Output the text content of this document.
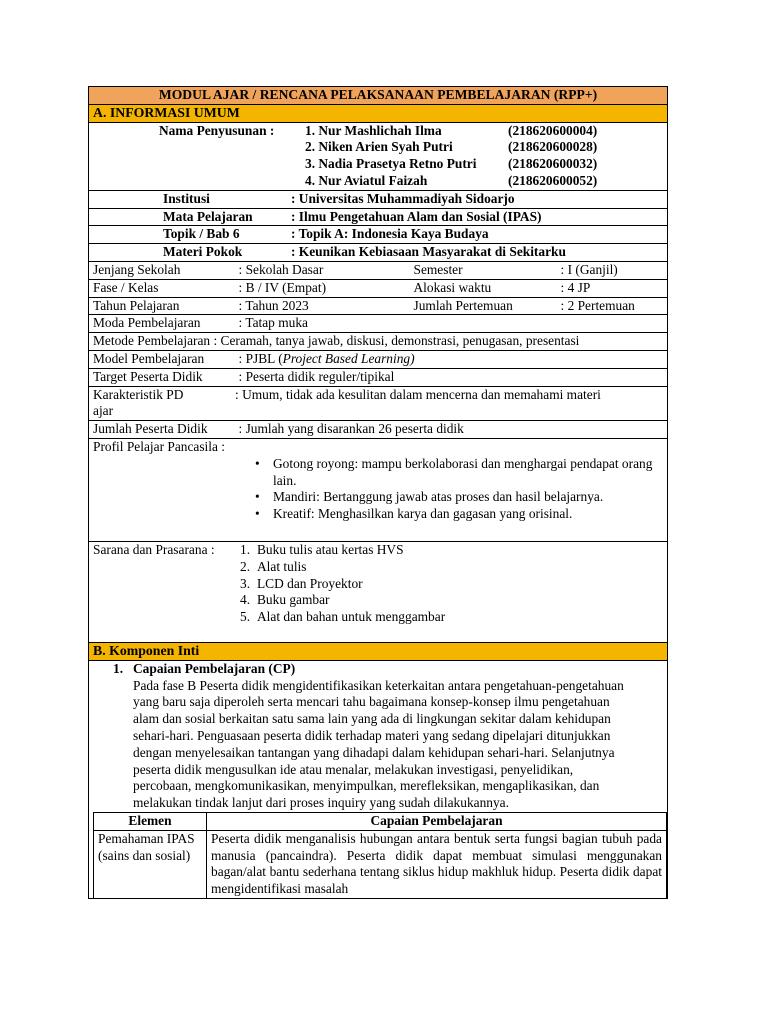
MODUL AJAR / RENCANA PELAKSANAAN PEMBELAJARAN (RPP+)
A. INFORMASI UMUM

Nama Penyusunan :	1. Nur Mashlichah Ilma	(218620600004)
2. Niken Arien Syah Putri	(218620600028)
3. Nadia Prasetya Retno Putri	(218620600032)
4. Nur Aviatul Faizah	(218620600052)

Institusi	: Universitas Muhammadiyah Sidoarjo

Mata Pelajaran	: Ilmu Pengetahuan Alam dan Sosial (IPAS)

Topik / Bab 6	: Topik A: Indonesia Kaya Budaya

Materi Pokok	: Keunikan Kebiasaan Masyarakat di Sekitarku

Jenjang Sekolah	: Sekolah Dasar	Semester	: I (Ganjil)
Fase / Kelas	: B / IV (Empat)	Alokasi waktu	: 4 JP
Tahun Pelajaran	: Tahun 2023	Jumlah Pertemuan	: 2 Pertemuan
Moda Pembelajaran	: Tatap muka
Metode Pembelajaran : Ceramah, tanya jawab, diskusi, demonstrasi, penugasan, presentasi
Model Pembelajaran	: PJBL (Project Based Learning)
Target Peserta Didik	: Peserta didik reguler/tipikal

Karakteristik PD	: Umum, tidak ada kesulitan dalam mencerna dan memahami materi
ajar

Jumlah Peserta Didik	: Jumlah yang disarankan 26 peserta didik

Profil Pelajar Pancasila :
• Gotong royong: mampu berkolaborasi dan menghargai pendapat orang lain.
• Mandiri: Bertanggung jawab atas proses dan hasil belajarnya.
• Kreatif: Menghasilkan karya dan gagasan yang orisinal.

Sarana dan Prasarana :	1. Buku tulis atau kertas HVS
2. Alat tulis
3. LCD dan Proyektor
4. Buku gambar
5. Alat dan bahan untuk menggambar

B. Komponen Inti

1. Capaian Pembelajaran (CP)
Pada fase B Peserta didik mengidentifikasikan keterkaitan antara pengetahuan-pengetahuan yang baru saja diperoleh serta mencari tahu bagaimana konsep-konsep ilmu pengetahuan alam dan sosial berkaitan satu sama lain yang ada di lingkungan sekitar dalam kehidupan sehari-hari. Penguasaan peserta didik terhadap materi yang sedang dipelajari ditunjukkan dengan menyelesaikan tantangan yang dihadapi dalam kehidupan sehari-hari. Selanjutnya peserta didik mengusulkan ide atau menalar, melakukan investigasi, penyelidikan, percobaan, mengkomunikasikan, menyimpulkan, merefleksikan, mengaplikasikan, dan melakukan tindak lanjut dari proses inquiry yang sudah dilakukannya.
Elemen	Capaian Pembelajaran
Pemahaman IPAS (sains dan sosial)	Peserta didik menganalisis hubungan antara bentuk serta fungsi bagian tubuh pada manusia (pancaindra). Peserta didik dapat membuat simulasi menggunakan bagan/alat bantu sederhana tentang siklus hidup makhluk hidup. Peserta didik dapat mengidentifikasi masalah
